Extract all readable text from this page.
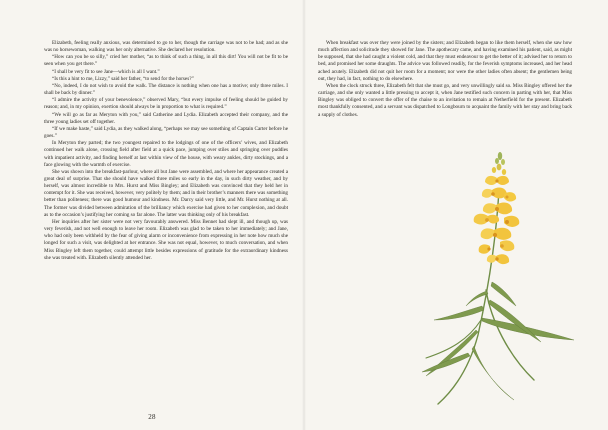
Elizabeth, feeling really anxious, was determined to go to her, though the carriage was not to be had; and as she was no horsewoman, walking was her only alternative. She declared her resolution.

“How can you be so silly,” cried her mother, “as to think of such a thing, in all this dirt! You will not be fit to be seen when you get there.”

“I shall be very fit to see Jane—which is all I want.”

“Is this a hint to me, Lizzy,” said her father, “to send for the horses?”

“No, indeed, I do not wish to avoid the walk. The distance is nothing when one has a motive; only three miles. I shall be back by dinner.”

“I admire the activity of your benevolence,” observed Mary, “but every impulse of feeling should be guided by reason; and, in my opinion, exertion should always be in proportion to what is required.”

“We will go as far as Meryton with you,” said Catherine and Lydia. Elizabeth accepted their company, and the three young ladies set off together.

“If we make haste,” said Lydia, as they walked along, “perhaps we may see something of Captain Carter before he goes.”

In Meryton they parted; the two youngest repaired to the lodgings of one of the officers’ wives, and Elizabeth continued her walk alone, crossing field after field at a quick pace, jumping over stiles and springing over puddles with impatient activity, and finding herself at last within view of the house, with weary ankles, dirty stockings, and a face glowing with the warmth of exercise.

She was shown into the breakfast-parlour, where all but Jane were assembled, and where her appearance created a great deal of surprise. That she should have walked three miles so early in the day, in such dirty weather, and by herself, was almost incredible to Mrs. Hurst and Miss Bingley; and Elizabeth was convinced that they held her in contempt for it. She was received, however, very politely by them; and in their brother’s manners there was something better than politeness; there was good humour and kindness. Mr. Darcy said very little, and Mr. Hurst nothing at all. The former was divided between admiration of the brilliancy which exercise had given to her complexion, and doubt as to the occasion’s justifying her coming so far alone. The latter was thinking only of his breakfast.

Her inquiries after her sister were not very favourably answered. Miss Bennet had slept ill, and though up, was very feverish, and not well enough to leave her room. Elizabeth was glad to be taken to her immediately; and Jane, who had only been withheld by the fear of giving alarm or inconvenience from expressing in her note how much she longed for such a visit, was delighted at her entrance. She was not equal, however, to much conversation, and when Miss Bingley left them together, could attempt little besides expressions of gratitude for the extraordinary kindness she was treated with. Elizabeth silently attended her.

28

When breakfast was over they were joined by the sisters; and Elizabeth began to like them herself, when she saw how much affection and solicitude they showed for Jane. The apothecary came, and having examined his patient, said, as might be supposed, that she had caught a violent cold, and that they must endeavour to get the better of it; advised her to return to bed, and promised her some draughts. The advice was followed readily, for the feverish symptoms increased, and her head ached acutely. Elizabeth did not quit her room for a moment; nor were the other ladies often absent; the gentlemen being out, they had, in fact, nothing to do elsewhere.

When the clock struck three, Elizabeth felt that she must go, and very unwillingly said so. Miss Bingley offered her the carriage, and she only wanted a little pressing to accept it, when Jane testified such concern in parting with her, that Miss Bingley was obliged to convert the offer of the chaise to an invitation to remain at Netherfield for the present. Elizabeth most thankfully consented, and a servant was dispatched to Longbourn to acquaint the family with her stay and bring back a supply of clothes.
